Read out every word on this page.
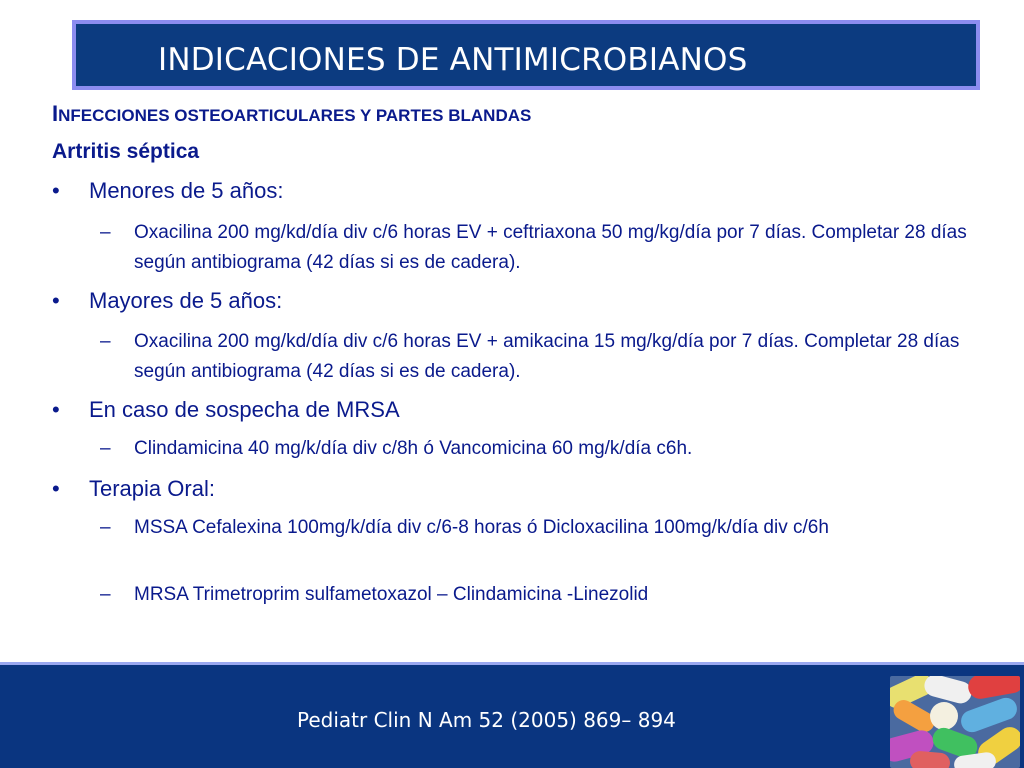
INDICACIONES DE ANTIMICROBIANOS
INFECCIONES OSTEOARTICULARES Y PARTES BLANDAS
Artritis séptica
• Menores de 5 años:
–	Oxacilina 200 mg/kd/día div c/6 horas EV + ceftriaxona 50 mg/kg/día por 7 días. Completar 28 días según antibiograma (42 días si es de cadera).
• Mayores de 5 años:
–	Oxacilina 200 mg/kd/día div c/6 horas EV + amikacina 15 mg/kg/día por 7 días. Completar 28 días según antibiograma (42 días si es de cadera).
• En caso de sospecha de MRSA
–	Clindamicina 40 mg/k/día div c/8h ó Vancomicina 60 mg/k/día c6h.
• Terapia Oral:
–	MSSA Cefalexina 100mg/k/día div c/6-8 horas ó Dicloxacilina 100mg/k/día div c/6h
–	MRSA Trimetroprim sulfametoxazol – Clindamicina -Linezolid
Pediatr Clin N Am 52 (2005) 869– 894
